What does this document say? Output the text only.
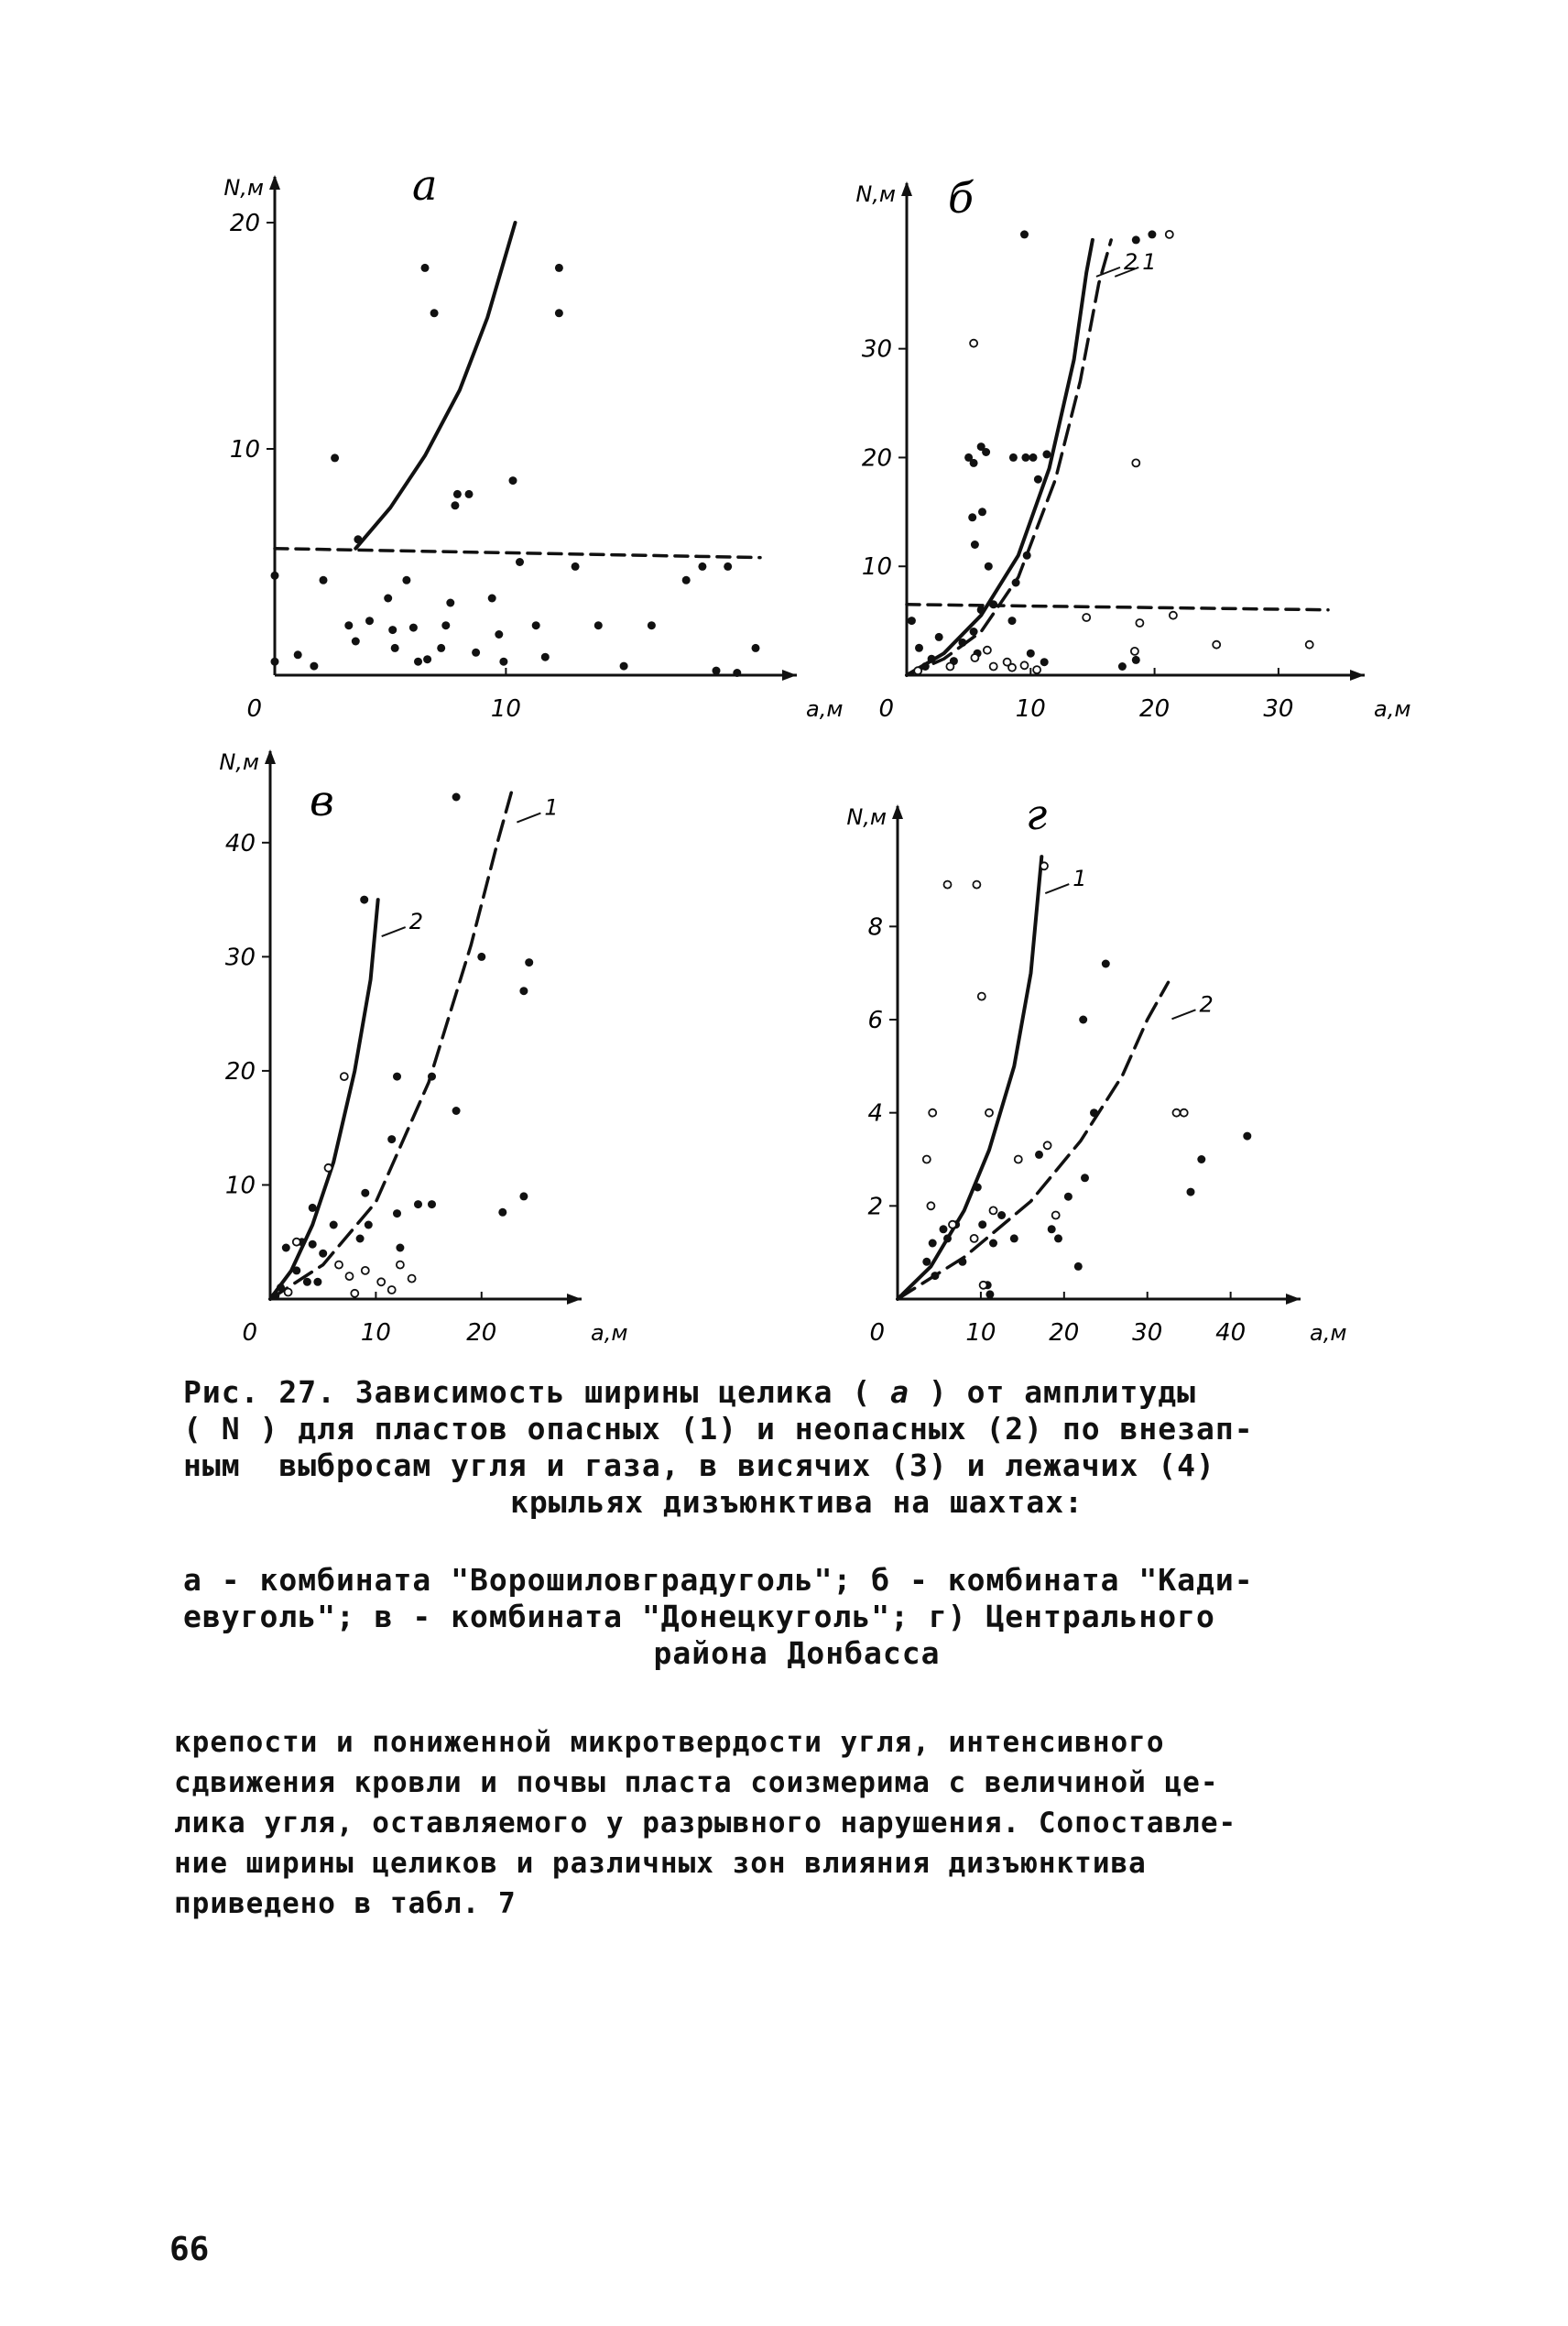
а
N,м
a,м
0	10
10
20
б
N,м
a,м
0	10	20	30
10
20
30
1
2
в
N,м
a,м
0	10	20
10
20
30
40
2
1	г
N,м
a,м
0	10 20 30 40
2
4
6
8
1
2
Рис. 27. Зависимость ширины целика ( а ) от амплитуды
( N ) для пластов опасных (1) и неопасных (2) по внезап-
ным  выбросам угля и газа, в висячих (3) и лежачих (4)
крыльях дизъюнктива на шахтах:
а - комбината "Ворошиловградуголь"; б - комбината "Кади-
евуголь"; в - комбината "Донецкуголь"; г) Центрального
района Донбасса
крепости и пониженной микротвердости угля, интенсивного
сдвижения кровли и почвы пласта соизмерима с величиной це-
лика угля, оставляемого у разрывного нарушения. Сопоставле-
ние ширины целиков и различных зон влияния дизъюнктива
приведено в табл. 7
66
